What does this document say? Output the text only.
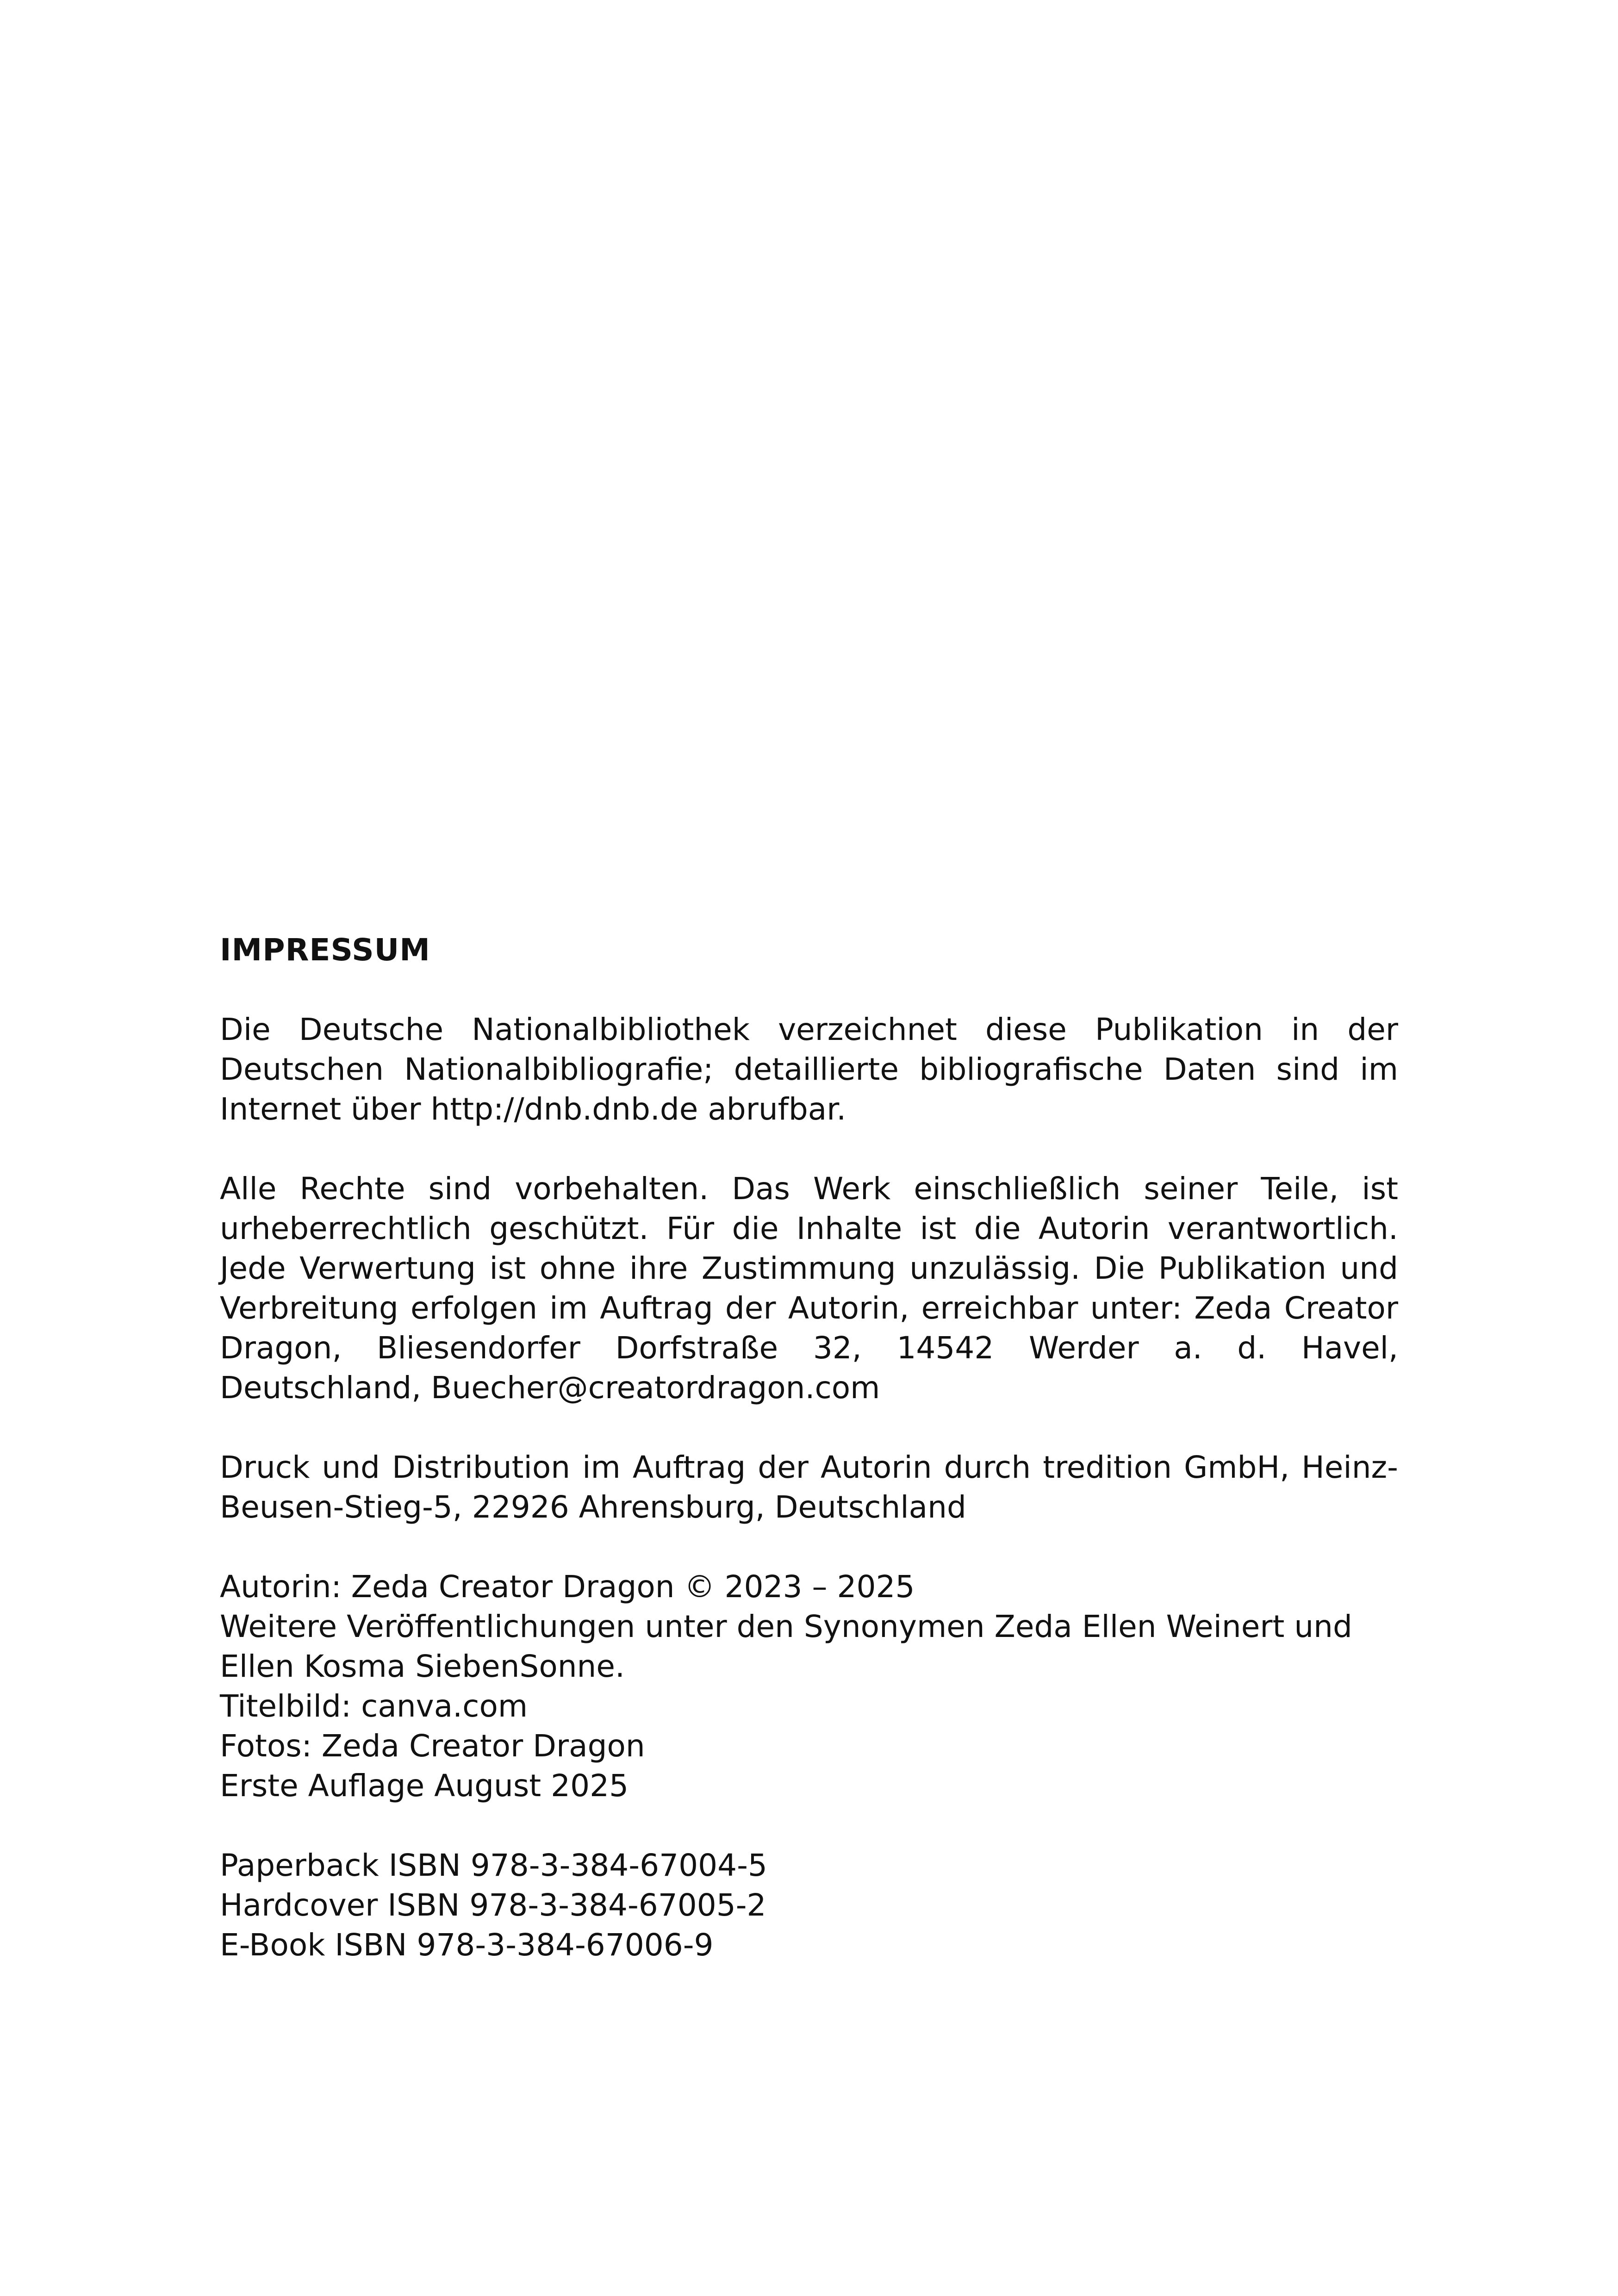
IMPRESSUM

Die Deutsche Nationalbibliothek verzeichnet diese Publikation in der Deutschen Nationalbibliografie; detaillierte bibliografische Daten sind im Internet über http://dnb.dnb.de abrufbar.

Alle Rechte sind vorbehalten. Das Werk einschließlich seiner Teile, ist urheberrechtlich geschützt. Für die Inhalte ist die Autorin verantwortlich. Jede Verwertung ist ohne ihre Zustimmung unzulässig. Die Publikation und Verbreitung erfolgen im Auftrag der Autorin, erreichbar unter: Zeda Creator Dragon, Bliesendorfer Dorfstraße 32, 14542 Werder a. d. Havel, Deutschland, Buecher@creatordragon.com

Druck und Distribution im Auftrag der Autorin durch tredition GmbH, Heinz-Beusen-Stieg-5, 22926 Ahrensburg, Deutschland

Autorin: Zeda Creator Dragon © 2023 – 2025
Weitere Veröffentlichungen unter den Synonymen Zeda Ellen Weinert und
Ellen Kosma SiebenSonne.
Titelbild: canva.com
Fotos: Zeda Creator Dragon
Erste Auflage August 2025
Paperback ISBN 978-3-384-67004-5
Hardcover ISBN 978-3-384-67005-2
E-Book ISBN 978-3-384-67006-9
